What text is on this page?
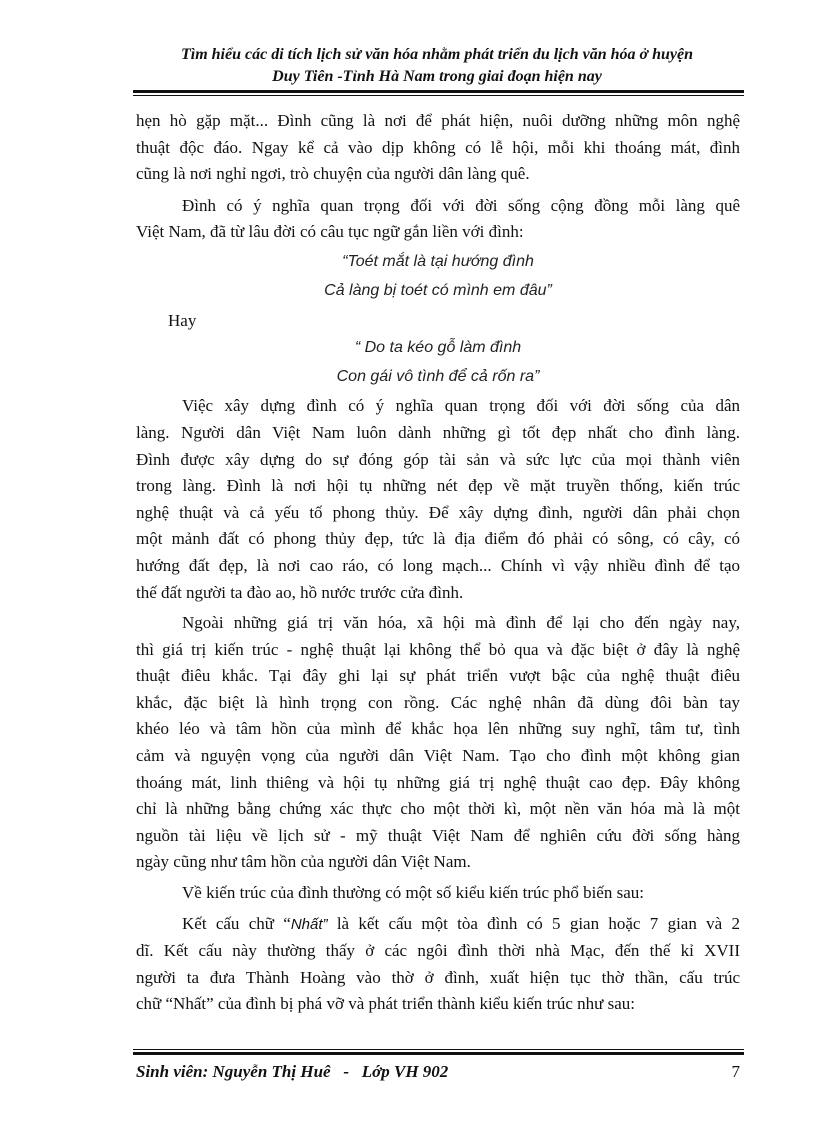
Tìm hiểu các di tích lịch sử văn hóa nhằm phát triển du lịch văn hóa ở huyện
Duy Tiên -Tỉnh Hà Nam trong giai đoạn hiện nay

hẹn hò gặp mặt... Đình cũng là nơi để phát hiện, nuôi dưỡng những môn nghệ
thuật độc đáo. Ngay kể cả vào dịp không có lễ hội, mỗi khi thoáng mát, đình
cũng là nơi nghỉ ngơi, trò chuyện của người dân làng quê.

Đình có ý nghĩa quan trọng đối với đời sống cộng đồng mỗi làng quê
Việt Nam, đã từ lâu đời có câu tục ngữ gắn liền với đình:

“Toét mắt là tại hướng đình
Cả làng bị toét có mình em đâu”

Hay

“ Do ta kéo gỗ làm đình
Con gái vô tình để cả rốn ra”

Việc xây dựng đình có ý nghĩa quan trọng đối với đời sống của dân
làng. Người dân Việt Nam luôn dành những gì tốt đẹp nhất cho đình làng.
Đình được xây dựng do sự đóng góp tài sản và sức lực của mọi thành viên
trong làng. Đình là nơi hội tụ những nét đẹp về mặt truyền thống, kiến trúc
nghệ thuật và cả yếu tố phong thủy. Để xây dựng đình, người dân phải chọn
một mảnh đất có phong thủy đẹp, tức là địa điểm đó phải có sông, có cây, có
hướng đất đẹp, là nơi cao ráo, có long mạch... Chính vì vậy nhiều đình để tạo
thế đất người ta đào ao, hồ nước trước cửa đình.

Ngoài những giá trị văn hóa, xã hội mà đình để lại cho đến ngày nay,
thì giá trị kiến trúc - nghệ thuật lại không thể bỏ qua và đặc biệt ở đây là nghệ
thuật điêu khắc. Tại đây ghi lại sự phát triển vượt bậc của nghệ thuật điêu
khắc, đặc biệt là hình trọng con rồng. Các nghệ nhân đã dùng đôi bàn tay
khéo léo và tâm hồn của mình để khắc họa lên những suy nghĩ, tâm tư, tình
cảm và nguyện vọng của người dân Việt Nam. Tạo cho đình một không gian
thoáng mát, linh thiêng và hội tụ những giá trị nghệ thuật cao đẹp. Đây không
chỉ là những bằng chứng xác thực cho một thời kì, một nền văn hóa mà là một
nguồn tài liệu về lịch sử - mỹ thuật Việt Nam để nghiên cứu đời sống hàng
ngày cũng như tâm hồn của người dân Việt Nam.

Về kiến trúc của đình thường có một số kiểu kiến trúc phổ biến sau:

Kết cấu chữ “Nhất” là kết cấu một tòa đình có 5 gian hoặc 7 gian và 2
dĩ. Kết cấu này thường thấy ở các ngôi đình thời nhà Mạc, đến thế kỉ XVII
người ta đưa Thành Hoàng vào thờ ở đình, xuất hiện tục thờ thần, cấu trúc
chữ “Nhất” của đình bị phá vỡ và phát triển thành kiểu kiến trúc như sau:

Sinh viên: Nguyễn Thị Huê   -   Lớp VH 902	7
